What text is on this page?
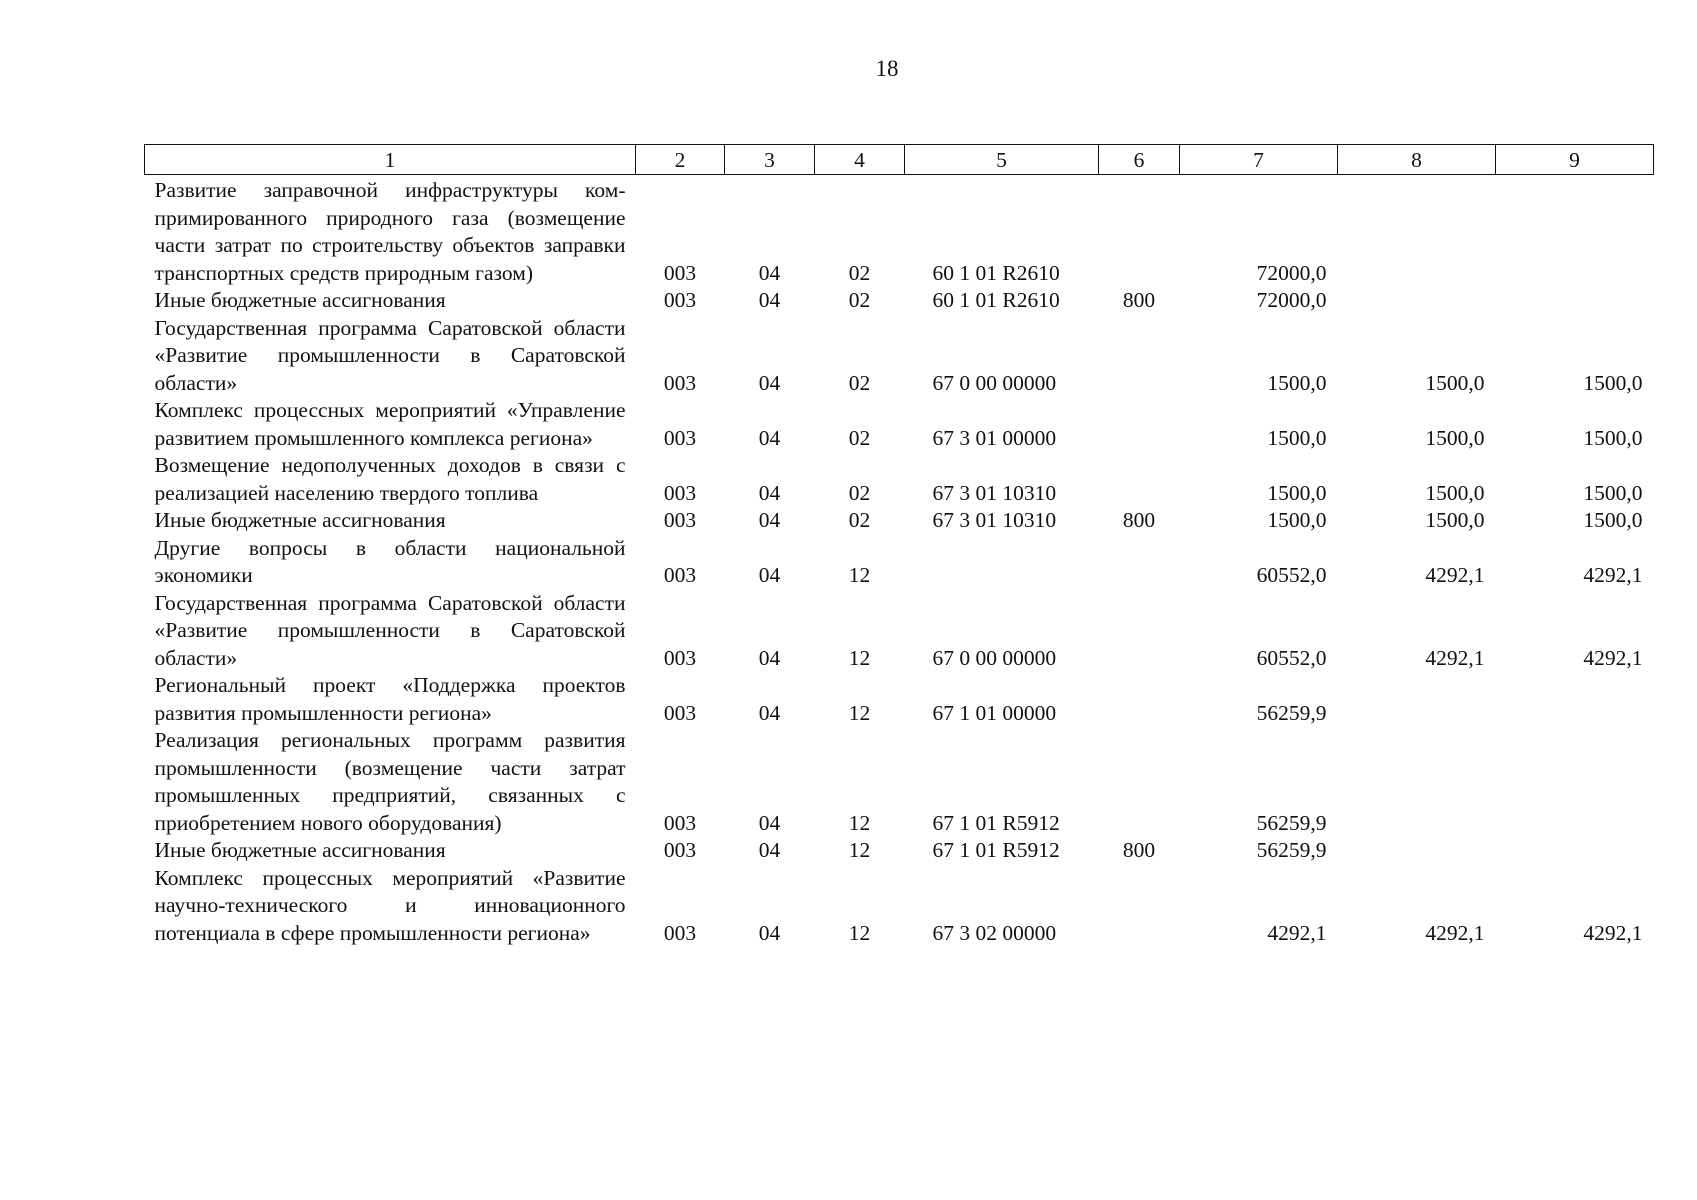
18
1	2	3	4	5	6	7	8	9
Развитие заправочной инфраструктуры компримированного природного газа (возмещение части затрат по строительству объектов заправки транспортных средств природным газом)	003	04	02	60 1 01 R2610		72000,0		
Иные бюджетные ассигнования	003	04	02	60 1 01 R2610	800	72000,0		
Государственная программа Саратовской области «Развитие промышленности в Саратовской области»	003	04	02	67 0 00 00000		1500,0	1500,0	1500,0
Комплекс процессных мероприятий «Управление развитием промышленного комплекса региона»	003	04	02	67 3 01 00000		1500,0	1500,0	1500,0
Возмещение недополученных доходов в связи с реализацией населению твердого топлива	003	04	02	67 3 01 10310		1500,0	1500,0	1500,0
Иные бюджетные ассигнования	003	04	02	67 3 01 10310	800	1500,0	1500,0	1500,0
Другие вопросы в области национальной экономики	003	04	12			60552,0	4292,1	4292,1
Государственная программа Саратовской области «Развитие промышленности в Саратовской области»	003	04	12	67 0 00 00000		60552,0	4292,1	4292,1
Региональный проект «Поддержка проектов развития промышленности региона»	003	04	12	67 1 01 00000		56259,9		
Реализация региональных программ развития промышленности (возмещение части затрат промышленных предприятий, связанных с приобретением нового оборудования)	003	04	12	67 1 01 R5912		56259,9		
Иные бюджетные ассигнования	003	04	12	67 1 01 R5912	800	56259,9		
Комплекс процессных мероприятий «Развитие научно-технического и инновационного потенциала в сфере промышленности региона»	003	04	12	67 3 02 00000		4292,1	4292,1	4292,1
